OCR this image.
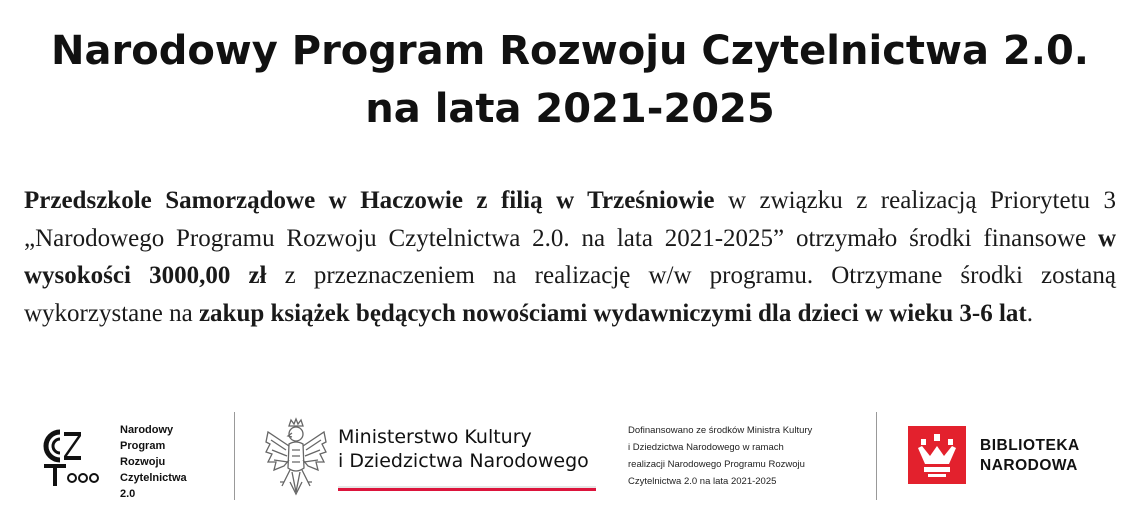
Narodowy Program Rozwoju Czytelnictwa 2.0.
na lata 2021-2025
Przedszkole Samorządowe w Haczowie z filią w Trześniowie w związku z realizacją Priorytetu 3 „Narodowego Programu Rozwoju Czytelnictwa 2.0. na lata 2021-2025” otrzymało środki finansowe w wysokości 3000,00 zł z przeznaczeniem na realizację w/w programu. Otrzymane środki zostaną wykorzystane na zakup książek będących nowościami wydawniczymi dla dzieci w wieku 3-6 lat.
Narodowy
Program
Rozwoju
Czytelnictwa
2.0
Ministerstwo Kultury
i Dziedzictwa Narodowego
Dofinansowano ze środków Ministra Kultury
i Dziedzictwa Narodowego w ramach
realizacji Narodowego Programu Rozwoju
Czytelnictwa 2.0 na lata 2021-2025
BIBLIOTEKA
NARODOWA
